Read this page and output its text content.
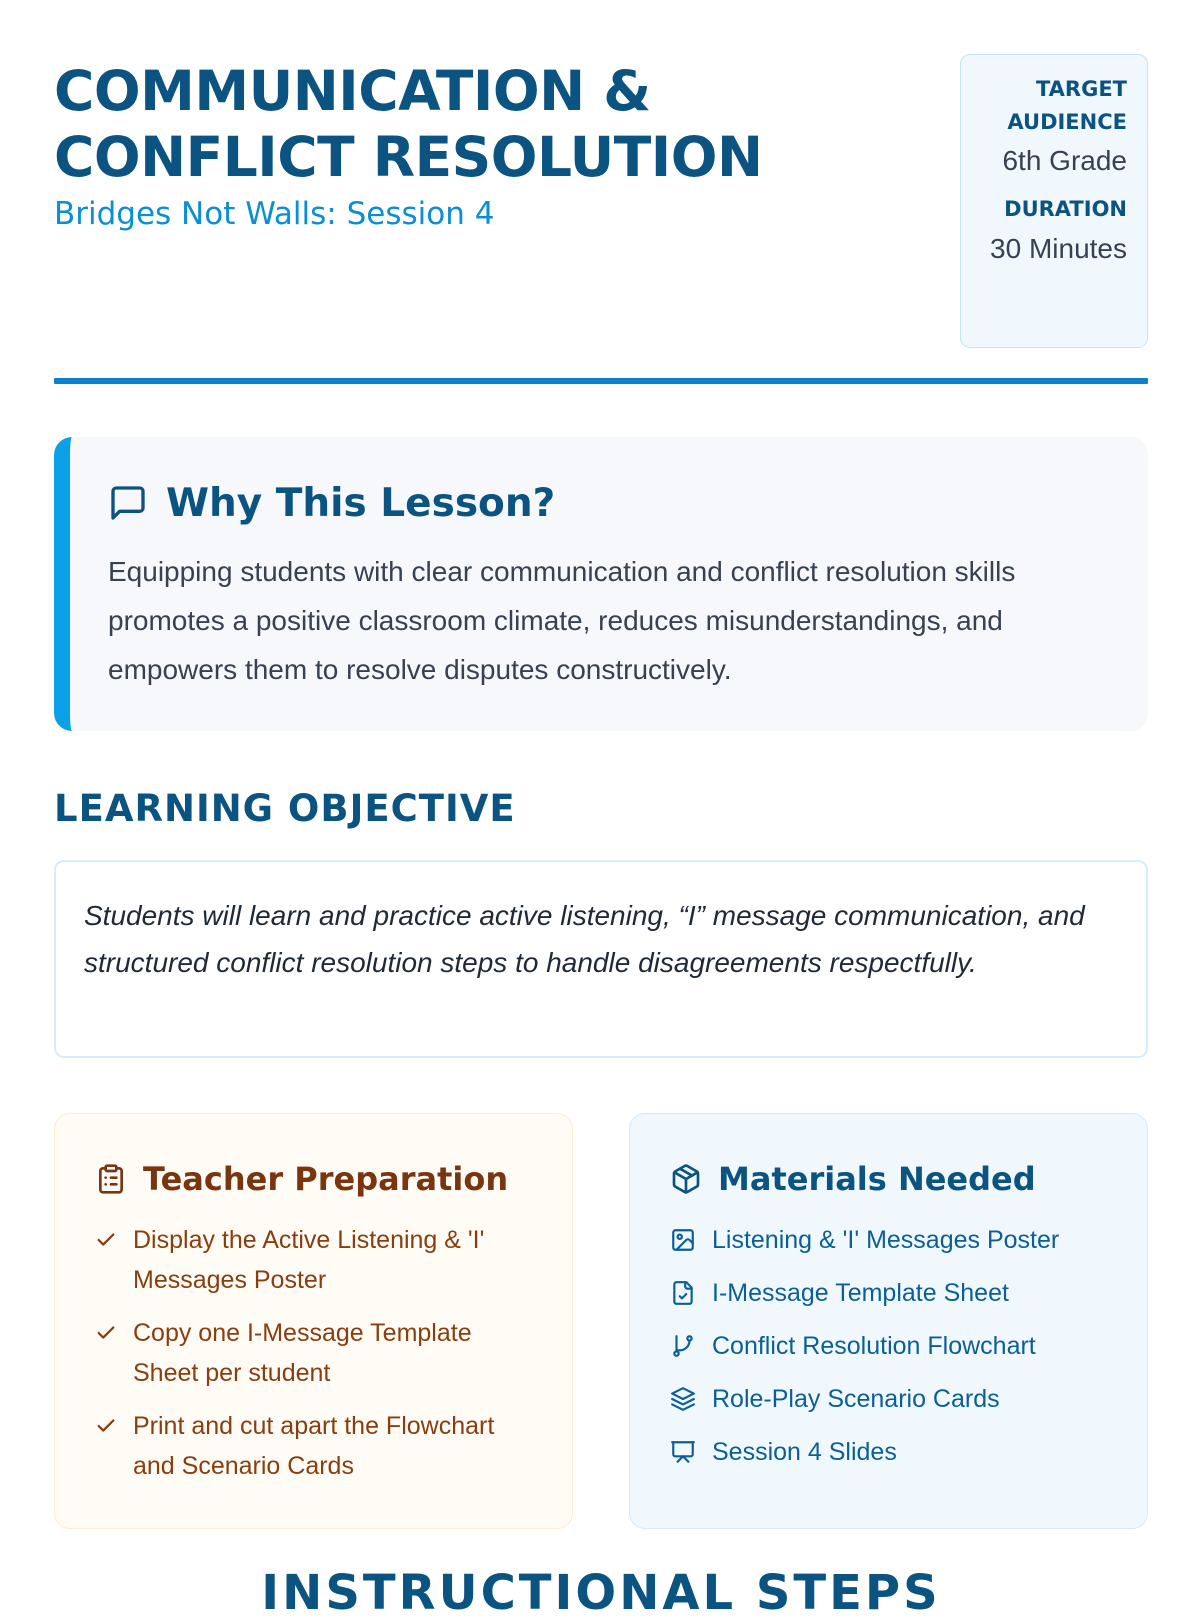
COMMUNICATION &
CONFLICT RESOLUTION
Bridges Not Walls: Session 4
TARGET AUDIENCE
6th Grade
DURATION
30 Minutes
Why This Lesson?
Equipping students with clear communication and conflict resolution skills promotes a positive classroom climate, reduces misunderstandings, and empowers them to resolve disputes constructively.
LEARNING OBJECTIVE
Students will learn and practice active listening, “I” message communication, and structured conflict resolution steps to handle disagreements respectfully.
Teacher Preparation
Display the Active Listening & 'I' Messages Poster
Copy one I-Message Template Sheet per student
Print and cut apart the Flowchart and Scenario Cards
Materials Needed
Listening & 'I' Messages Poster
I-Message Template Sheet
Conflict Resolution Flowchart
Role-Play Scenario Cards
Session 4 Slides
INSTRUCTIONAL STEPS
